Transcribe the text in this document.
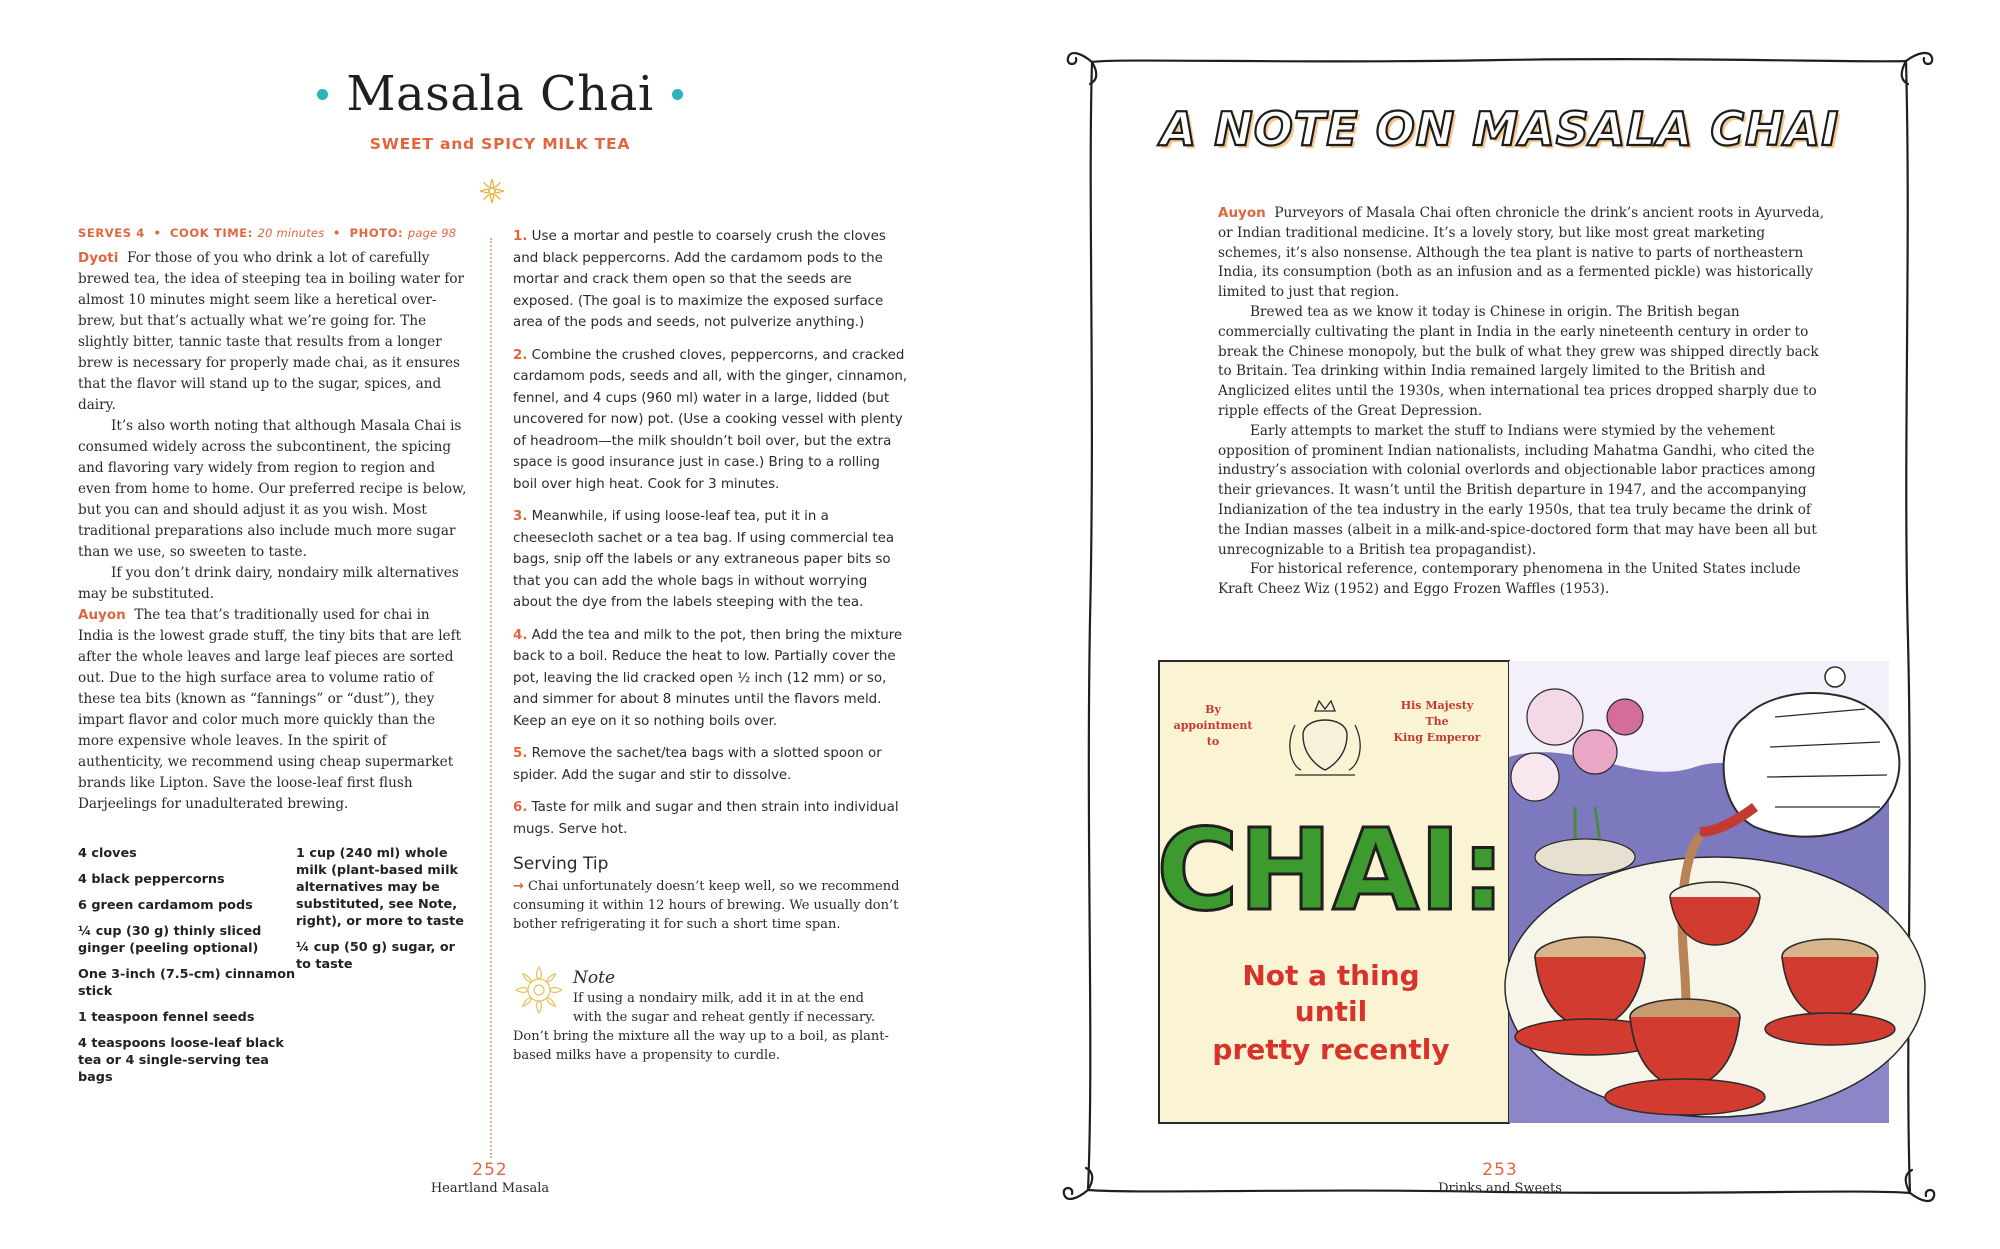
Masala Chai
SWEET and SPICY MILK TEA
SERVES 4 • COOK TIME: 20 minutes • PHOTO: page 98

Dyoti For those of you who drink a lot of carefully brewed tea, the idea of steeping tea in boiling water for almost 10 minutes might seem like a heretical over-brew, but that’s actually what we’re going for. The slightly bitter, tannic taste that results from a longer brew is necessary for properly made chai, as it ensures that the flavor will stand up to the sugar, spices, and dairy.

It’s also worth noting that although Masala Chai is consumed widely across the subcontinent, the spicing and flavoring vary widely from region to region and even from home to home. Our preferred recipe is below, but you can and should adjust it as you wish. Most traditional preparations also include much more sugar than we use, so sweeten to taste.

If you don’t drink dairy, nondairy milk alternatives may be substituted.

Auyon The tea that’s traditionally used for chai in India is the lowest grade stuff, the tiny bits that are left after the whole leaves and large leaf pieces are sorted out. Due to the high surface area to volume ratio of these tea bits (known as “fannings” or “dust”), they impart flavor and color much more quickly than the more expensive whole leaves. In the spirit of authenticity, we recommend using cheap supermarket brands like Lipton. Save the loose-leaf first flush Darjeelings for unadulterated brewing.

4 cloves
4 black peppercorns
6 green cardamom pods
¼ cup (30 g) thinly sliced ginger (peeling optional)
One 3-inch (7.5-cm) cinnamon stick
1 teaspoon fennel seeds
4 teaspoons loose-leaf black tea or 4 single-serving tea bags
1 cup (240 ml) whole milk (plant-based milk alternatives may be substituted, see Note, right), or more to taste
¼ cup (50 g) sugar, or to taste
1. Use a mortar and pestle to coarsely crush the cloves and black peppercorns. Add the cardamom pods to the mortar and crack them open so that the seeds are exposed. (The goal is to maximize the exposed surface area of the pods and seeds, not pulverize anything.)
2. Combine the crushed cloves, peppercorns, and cracked cardamom pods, seeds and all, with the ginger, cinnamon, fennel, and 4 cups (960 ml) water in a large, lidded (but uncovered for now) pot. (Use a cooking vessel with plenty of headroom—the milk shouldn’t boil over, but the extra space is good insurance just in case.) Bring to a rolling boil over high heat. Cook for 3 minutes.
3. Meanwhile, if using loose-leaf tea, put it in a cheesecloth sachet or a tea bag. If using commercial tea bags, snip off the labels or any extraneous paper bits so that you can add the whole bags in without worrying about the dye from the labels steeping with the tea.
4. Add the tea and milk to the pot, then bring the mixture back to a boil. Reduce the heat to low. Partially cover the pot, leaving the lid cracked open ½ inch (12 mm) or so, and simmer for about 8 minutes until the flavors meld. Keep an eye on it so nothing boils over.
5. Remove the sachet/tea bags with a slotted spoon or spider. Add the sugar and stir to dissolve.
6. Taste for milk and sugar and then strain into individual mugs. Serve hot.
Serving Tip
→ Chai unfortunately doesn’t keep well, so we recommend consuming it within 12 hours of brewing. We usually don’t bother refrigerating it for such a short time span.
Note
If using a nondairy milk, add it in at the end
with the sugar and reheat gently if necessary.
Don’t bring the mixture all the way up to a boil, as plant-based milks have a propensity to curdle.
252
Heartland Masala
A NOTE ON MASALA CHAI

Auyon Purveyors of Masala Chai often chronicle the drink’s ancient roots in Ayurveda, or Indian traditional medicine. It’s a lovely story, but like most great marketing schemes, it’s also nonsense. Although the tea plant is native to parts of northeastern India, its consumption (both as an infusion and as a fermented pickle) was historically limited to just that region.

Brewed tea as we know it today is Chinese in origin. The British began commercially cultivating the plant in India in the early nineteenth century in order to break the Chinese monopoly, but the bulk of what they grew was shipped directly back to Britain. Tea drinking within India remained largely limited to the British and Anglicized elites until the 1930s, when international tea prices dropped sharply due to ripple effects of the Great Depression.

Early attempts to market the stuff to Indians were stymied by the vehement opposition of prominent Indian nationalists, including Mahatma Gandhi, who cited the industry’s association with colonial overlords and objectionable labor practices among their grievances. It wasn’t until the British departure in 1947, and the accompanying Indianization of the tea industry in the early 1950s, that tea truly became the drink of the Indian masses (albeit in a milk-and-spice-doctored form that may have been all but unrecognizable to a British tea propagandist).

For historical reference, contemporary phenomena in the United States include Kraft Cheez Wiz (1952) and Eggo Frozen Waffles (1953).

By
appointment
to
His Majesty
The
King Emperor
CHAI:
Not a thing
until
pretty recently
253
Drinks and Sweets
